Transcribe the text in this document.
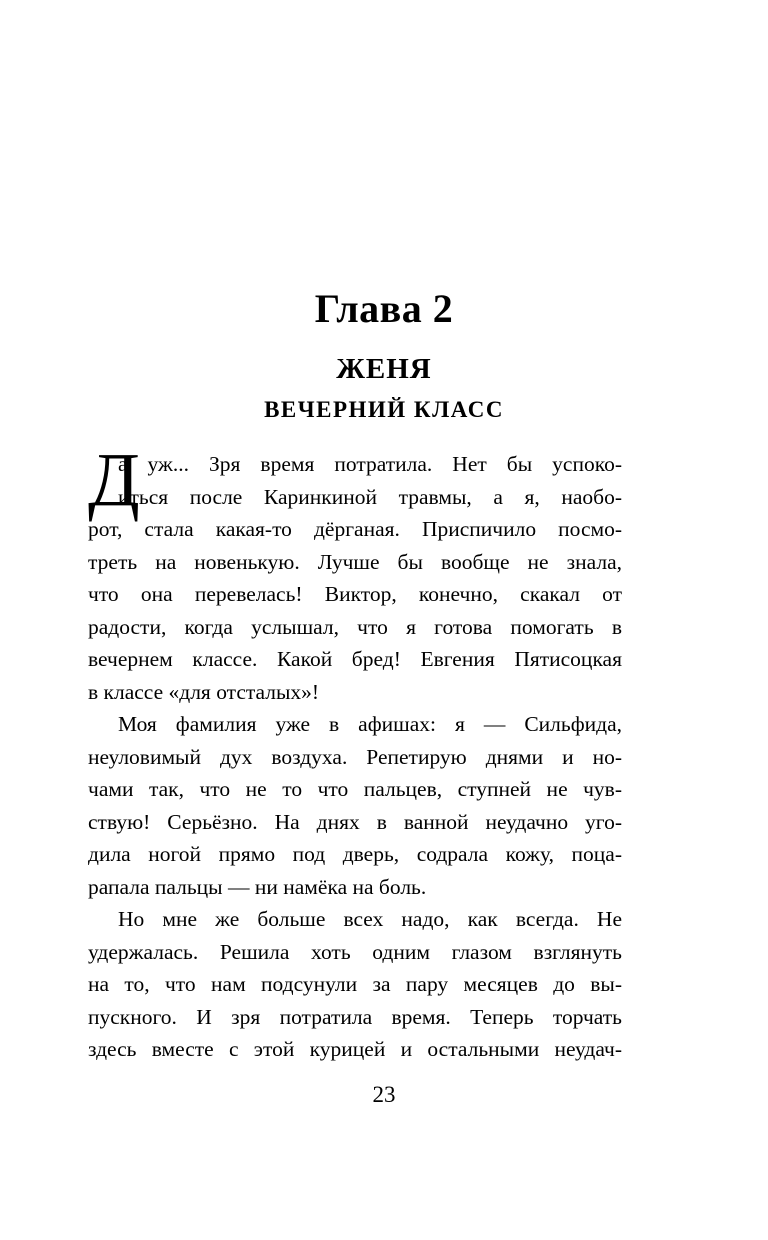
Глава 2
ЖЕНЯ
ВЕЧЕРНИЙ КЛАСС
Д
а уж... Зря время потратила. Нет бы успоко-
иться после Каринкиной травмы, а я, наобо-
рот, стала какая-то дёрганая. Приспичило посмо-
треть на новенькую. Лучше бы вообще не знала,
что она перевелась! Виктор, конечно, скакал от
радости, когда услышал, что я готова помогать в
вечернем классе. Какой бред! Евгения Пятисоцкая
в классе «для отсталых»!
Моя фамилия уже в афишах: я — Сильфида,
неуловимый дух воздуха. Репетирую днями и но-
чами так, что не то что пальцев, ступней не чув-
ствую! Серьёзно. На днях в ванной неудачно уго-
дила ногой прямо под дверь, содрала кожу, поца-
рапала пальцы — ни намёка на боль.
Но мне же больше всех надо, как всегда. Не
удержалась. Решила хоть одним глазом взглянуть
на то, что нам подсунули за пару месяцев до вы-
пускного. И зря потратила время. Теперь торчать
здесь вместе с этой курицей и остальными неудач-
23
